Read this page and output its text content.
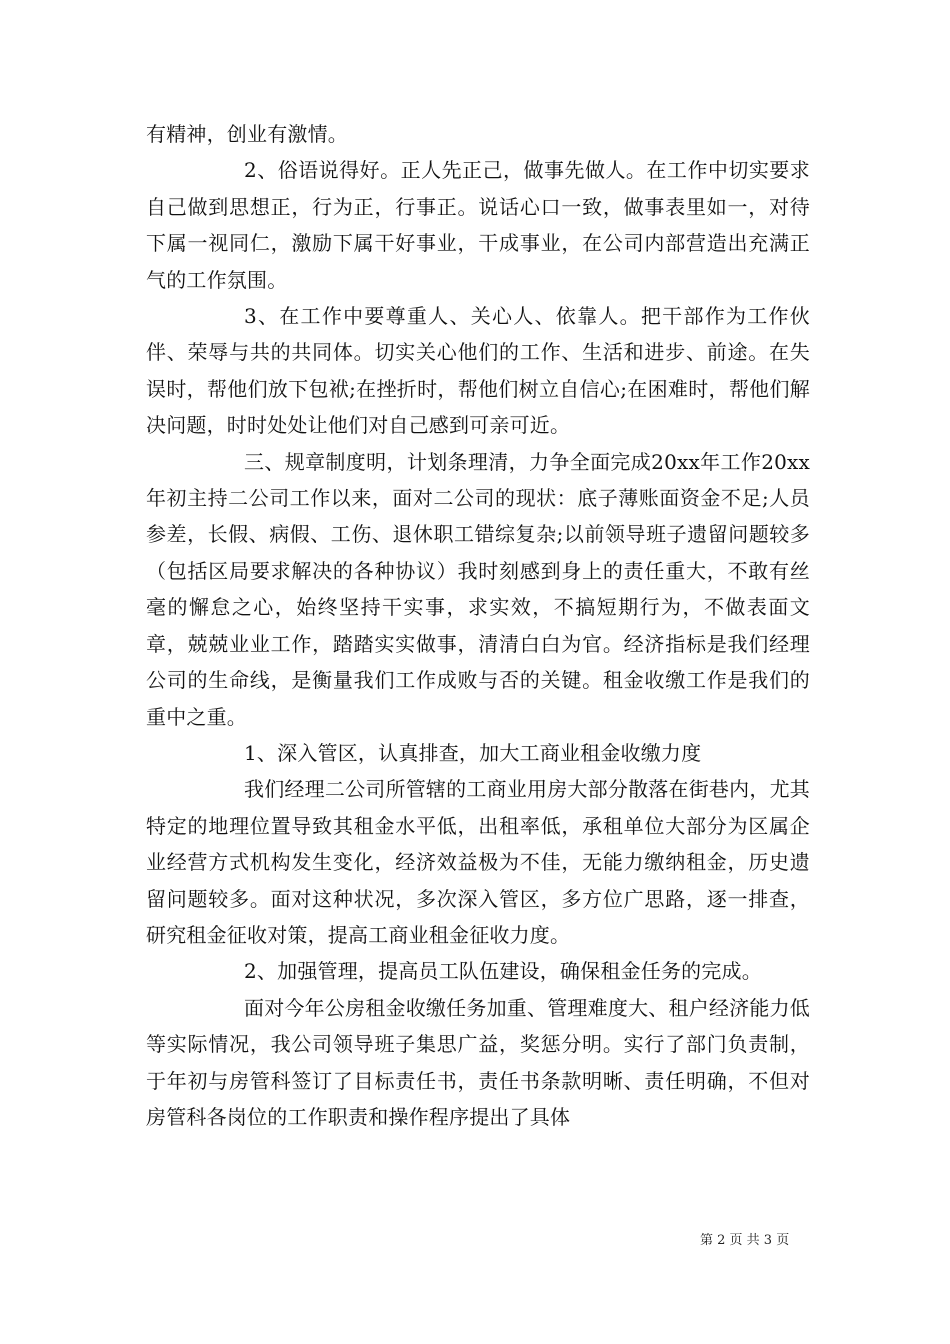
有精神，创业有激情。

2、俗语说得好。正人先正己，做事先做人。在工作中切实要求自己做到思想正，行为正，行事正。说话心口一致，做事表里如一，对待下属一视同仁，激励下属干好事业，干成事业，在公司内部营造出充满正气的工作氛围。

3、在工作中要尊重人、关心人、依靠人。把干部作为工作伙伴、荣辱与共的共同体。切实关心他们的工作、生活和进步、前途。在失误时，帮他们放下包袱;在挫折时，帮他们树立自信心;在困难时，帮他们解决问题，时时处处让他们对自己感到可亲可近。

三、规章制度明，计划条理清，力争全面完成20xx年工作20xx年初主持二公司工作以来，面对二公司的现状：底子薄账面资金不足;人员参差，长假、病假、工伤、退休职工错综复杂;以前领导班子遗留问题较多（包括区局要求解决的各种协议）我时刻感到身上的责任重大，不敢有丝毫的懈怠之心，始终坚持干实事，求实效，不搞短期行为，不做表面文章，兢兢业业工作，踏踏实实做事，清清白白为官。经济指标是我们经理公司的生命线，是衡量我们工作成败与否的关键。租金收缴工作是我们的重中之重。

1、深入管区，认真排查，加大工商业租金收缴力度

我们经理二公司所管辖的工商业用房大部分散落在街巷内，尤其特定的地理位置导致其租金水平低，出租率低，承租单位大部分为区属企业经营方式机构发生变化，经济效益极为不佳，无能力缴纳租金，历史遗留问题较多。面对这种状况，多次深入管区，多方位广思路，逐一排查，研究租金征收对策，提高工商业租金征收力度。

2、加强管理，提高员工队伍建设，确保租金任务的完成。

面对今年公房租金收缴任务加重、管理难度大、租户经济能力低等实际情况，我公司领导班子集思广益，奖惩分明。实行了部门负责制，于年初与房管科签订了目标责任书，责任书条款明晰、责任明确，不但对房管科各岗位的工作职责和操作程序提出了具体

第 2 页 共 3 页
